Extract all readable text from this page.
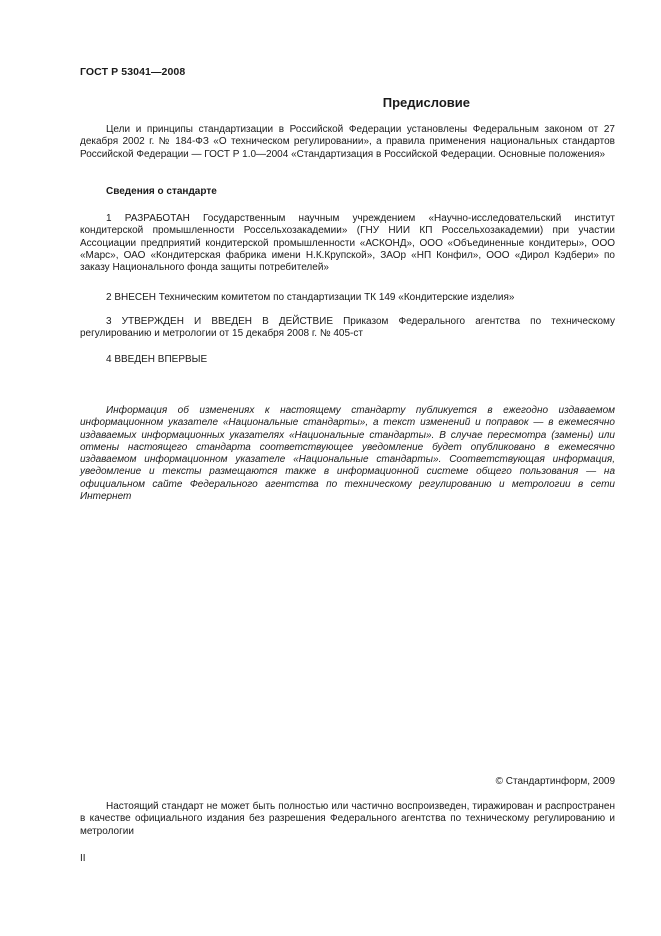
ГОСТ Р 53041—2008
Предисловие

Цели и принципы стандартизации в Российской Федерации установлены Федеральным законом от 27 декабря 2002 г. № 184-ФЗ «О техническом регулировании», а правила применения национальных стандартов Российской Федерации — ГОСТ Р 1.0—2004 «Стандартизация в Российской Федерации. Основные положения»

Сведения о стандарте

1 РАЗРАБОТАН Государственным научным учреждением «Научно-исследовательский институт кондитерской промышленности Россельхозакадемии» (ГНУ НИИ КП Россельхозакадемии) при участии Ассоциации предприятий кондитерской промышленности «АСКОНД», ООО «Объединенные кондитеры», ООО «Марс», ОАО «Кондитерская фабрика имени Н.К.Крупской», ЗАОр «НП Конфил», ООО «Дирол Кэдбери» по заказу Национального фонда защиты потребителей»

2 ВНЕСЕН Техническим комитетом по стандартизации ТК 149 «Кондитерские изделия»

3 УТВЕРЖДЕН И ВВЕДЕН В ДЕЙСТВИЕ Приказом Федерального агентства по техническому регулированию и метрологии от 15 декабря 2008 г. № 405-ст

4 ВВЕДЕН ВПЕРВЫЕ

Информация об изменениях к настоящему стандарту публикуется в ежегодно издаваемом информационном указателе «Национальные стандарты», а текст изменений и поправок — в ежемесячно издаваемых информационных указателях «Национальные стандарты». В случае пересмотра (замены) или отмены настоящего стандарта соответствующее уведомление будет опубликовано в ежемесячно издаваемом информационном указателе «Национальные стандарты». Соответствующая информация, уведомление и тексты размещаются также в информационной системе общего пользования — на официальном сайте Федерального агентства по техническому регулированию и метрологии в сети Интернет

© Стандартинформ, 2009

Настоящий стандарт не может быть полностью или частично воспроизведен, тиражирован и распространен в качестве официального издания без разрешения Федерального агентства по техническому регулированию и метрологии

II
